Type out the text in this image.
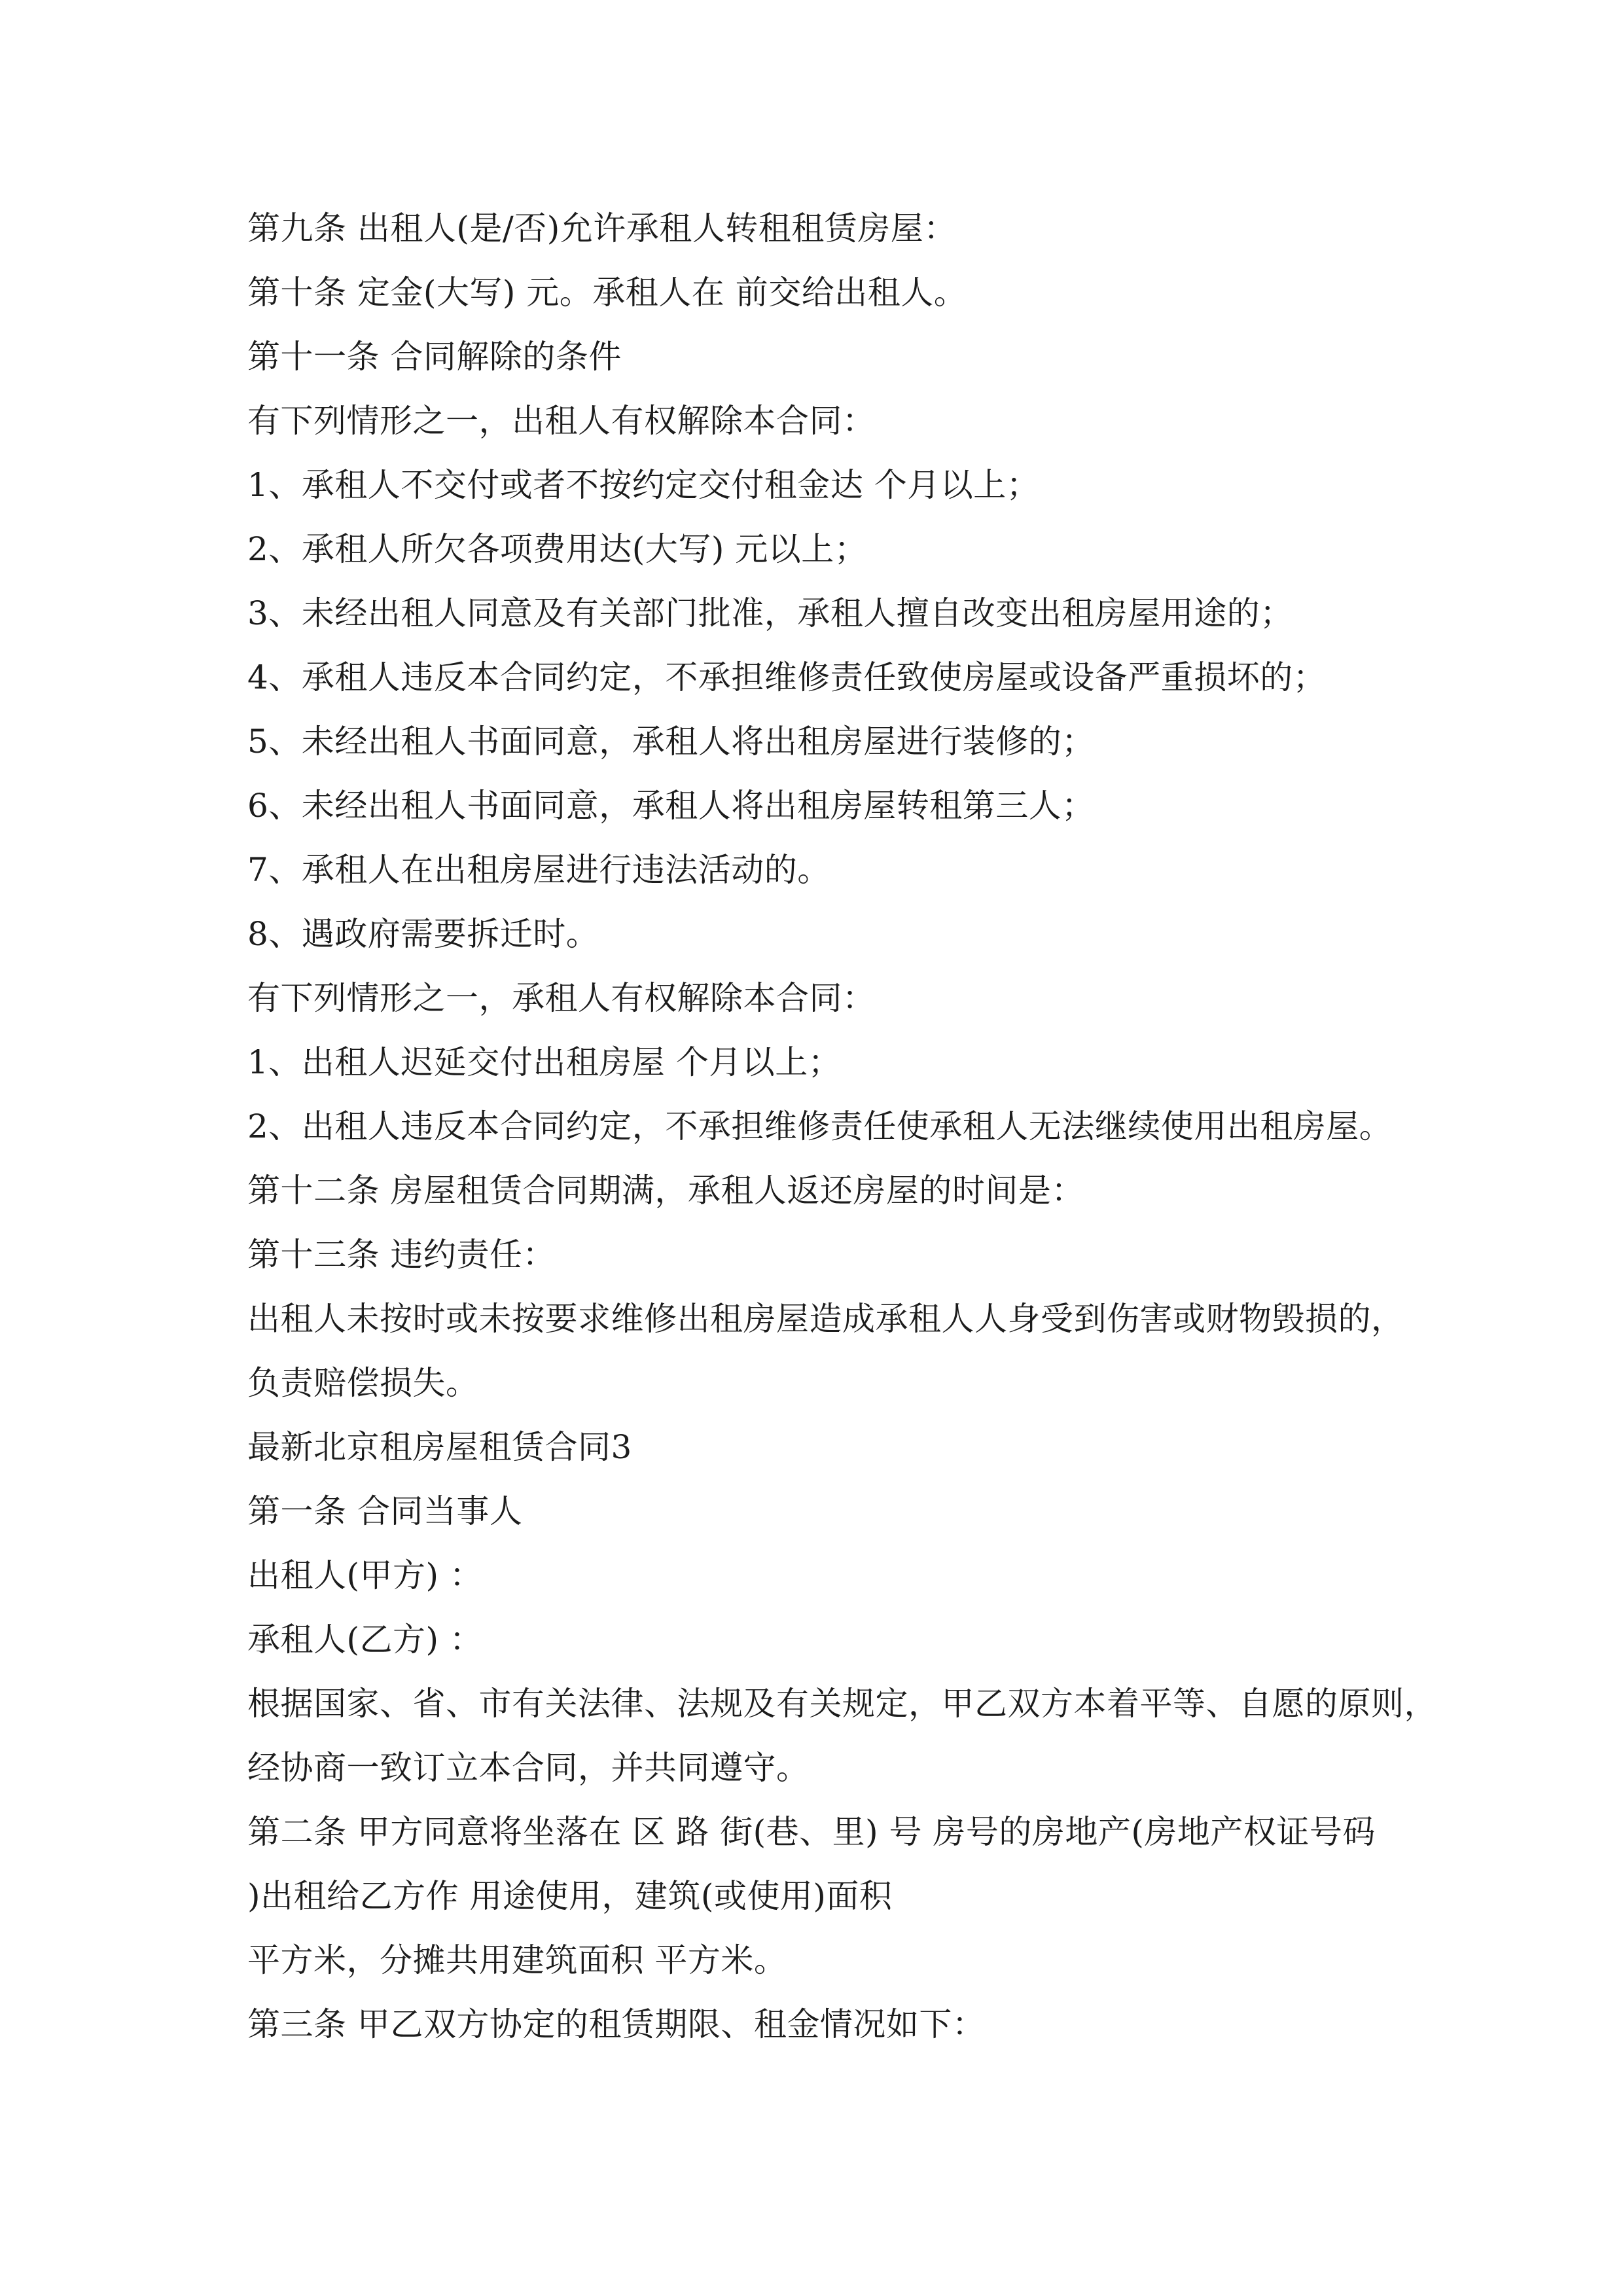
第九条 出租人(是/否)允许承租人转租租赁房屋：
第十条 定金(大写) 元。承租人在 前交给出租人。
第十一条 合同解除的条件
有下列情形之一，出租人有权解除本合同：
1、承租人不交付或者不按约定交付租金达 个月以上；
2、承租人所欠各项费用达(大写) 元以上；
3、未经出租人同意及有关部门批准，承租人擅自改变出租房屋用途的；
4、承租人违反本合同约定，不承担维修责任致使房屋或设备严重损坏的；
5、未经出租人书面同意，承租人将出租房屋进行装修的；
6、未经出租人书面同意，承租人将出租房屋转租第三人；
7、承租人在出租房屋进行违法活动的。
8、遇政府需要拆迁时。
有下列情形之一，承租人有权解除本合同：
1、出租人迟延交付出租房屋 个月以上；
2、出租人违反本合同约定，不承担维修责任使承租人无法继续使用出租房屋。
第十二条 房屋租赁合同期满，承租人返还房屋的时间是：
第十三条 违约责任：
出租人未按时或未按要求维修出租房屋造成承租人人身受到伤害或财物毁损的，
负责赔偿损失。
最新北京租房屋租赁合同3
第一条 合同当事人
出租人(甲方) ：
承租人(乙方) ：
根据国家、省、市有关法律、法规及有关规定，甲乙双方本着平等、自愿的原则，
经协商一致订立本合同，并共同遵守。
第二条 甲方同意将坐落在 区 路 街(巷、里) 号 房号的房地产(房地产权证号码
)出租给乙方作 用途使用，建筑(或使用)面积
平方米，分摊共用建筑面积 平方米。
第三条 甲乙双方协定的租赁期限、租金情况如下：
